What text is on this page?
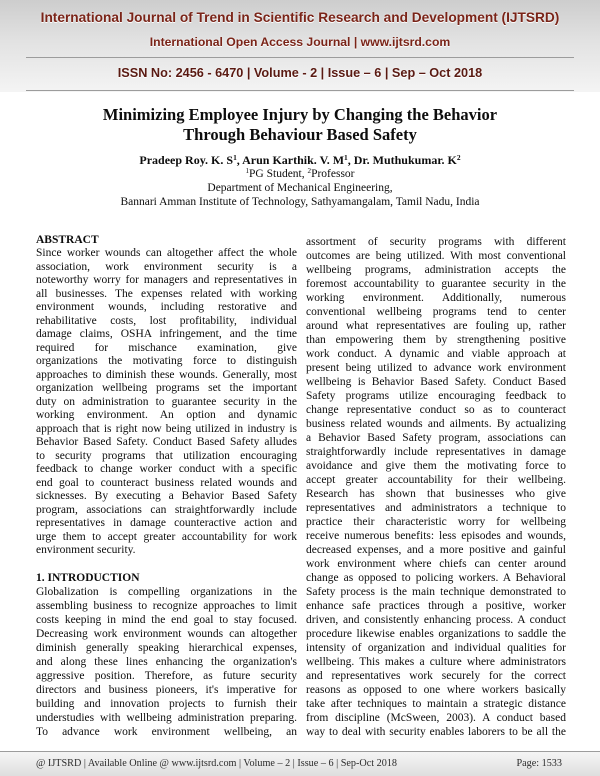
International Journal of Trend in Scientific Research and Development (IJTSRD)
International Open Access Journal | www.ijtsrd.com
ISSN No: 2456 - 6470 | Volume - 2 | Issue – 6 | Sep – Oct 2018
Minimizing Employee Injury by Changing the Behavior
Through Behaviour Based Safety
Pradeep Roy. K. $S^1$, Arun Karthik. V. $M^1$, Dr. Muthukumar. $K^2$
$^1$PG Student, $^2$Professor
Department of Mechanical Engineering,
Bannari Amman Institute of Technology, Sathyamangalam, Tamil Nadu, India
ABSTRACT
Since worker wounds can altogether affect the whole
association, work environment security is a
noteworthy worry for managers and representatives in
all businesses. The expenses related with working
environment wounds, including restorative and
rehabilitative costs, lost profitability, individual
damage claims, OSHA infringement, and the time
required for mischance examination, give
organizations the motivating force to distinguish
approaches to diminish these wounds. Generally, most
organization wellbeing programs set the important
duty on administration to guarantee security in the
working environment. An option and dynamic
approach that is right now being utilized in industry is
Behavior Based Safety. Conduct Based Safety alludes
to security programs that utilization encouraging
feedback to change worker conduct with a specific
end goal to counteract business related wounds and
sicknesses. By executing a Behavior Based Safety
program, associations can straightforwardly include
representatives in damage counteractive action and
urge them to accept greater accountability for work
environment security.
1. INTRODUCTION
Globalization is compelling organizations in the
assembling business to recognize approaches to limit
costs keeping in mind the end goal to stay focused.
Decreasing work environment wounds can altogether
diminish generally speaking hierarchical expenses,
and along these lines enhancing the organization's
aggressive position. Therefore, as future security
directors and business pioneers, it's imperative for
building and innovation projects to furnish their
understudies with wellbeing administration preparing.
To advance work environment wellbeing, an
assortment of security programs with different
outcomes are being utilized. With most conventional
wellbeing programs, administration accepts the
foremost accountability to guarantee security in the
working environment. Additionally, numerous
conventional wellbeing programs tend to center
around what representatives are fouling up, rather
than empowering them by strengthening positive
work conduct. A dynamic and viable approach at
present being utilized to advance work environment
wellbeing is Behavior Based Safety. Conduct Based
Safety programs utilize encouraging feedback to
change representative conduct so as to counteract
business related wounds and ailments. By actualizing
a Behavior Based Safety program, associations can
straightforwardly include representatives in damage
avoidance and give them the motivating force to
accept greater accountability for their wellbeing.
Research has shown that businesses who give
representatives and administrators a technique to
practice their characteristic worry for wellbeing
receive numerous benefits: less episodes and wounds,
decreased expenses, and a more positive and gainful
work environment where chiefs can center around
change as opposed to policing workers. A Behavioral
Safety process is the main technique demonstrated to
enhance safe practices through a positive, worker
driven, and consistently enhancing process. A conduct
procedure likewise enables organizations to saddle the
intensity of organization and individual qualities for
wellbeing. This makes a culture where administrators
and representatives work securely for the correct
reasons as opposed to one where workers basically
take after techniques to maintain a strategic distance
from discipline (McSween, 2003). A conduct based
way to deal with security enables laborers to be all the
@ IJTSRD | Available Online @ www.ijtsrd.com | Volume – 2 | Issue – 6 | Sep-Oct 2018	Page: 1533
